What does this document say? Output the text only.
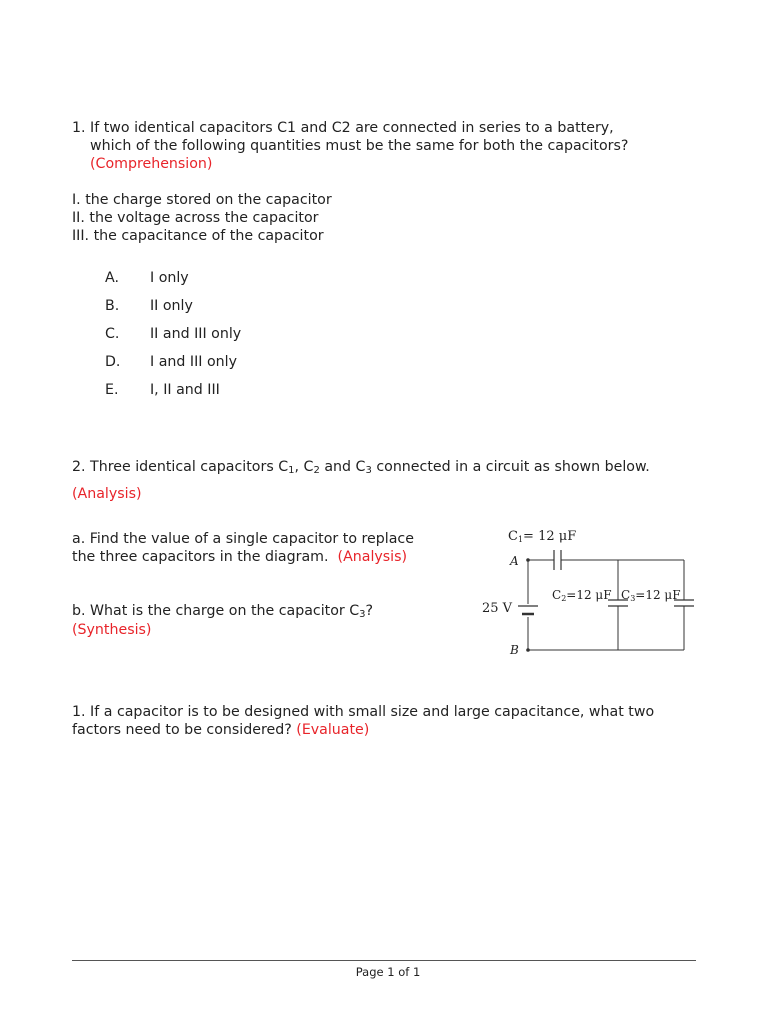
1. If two identical capacitors C1 and C2 are connected in series to a battery,
which of the following quantities must be the same for both the capacitors?
(Comprehension)
I. the charge stored on the capacitor
II. the voltage across the capacitor
III. the capacitance of the capacitor
A. I only
B. II only
C. II and III only
D. I and III only
E. I, II and III
2. Three identical capacitors $C_1$, $C_2$ and $C_3$ connected in a circuit as shown below.
(Analysis)
a. Find the value of a single capacitor to replace
the three capacitors in the diagram. (Analysis)
b. What is the charge on the capacitor $C_3$?
(Synthesis)
C1= 12 μF
A
B
25 V
C2=12 μF C3=12 μF
1. If a capacitor is to be designed with small size and large capacitance, what two
factors need to be considered? (Evaluate)
Page 1 of 1
